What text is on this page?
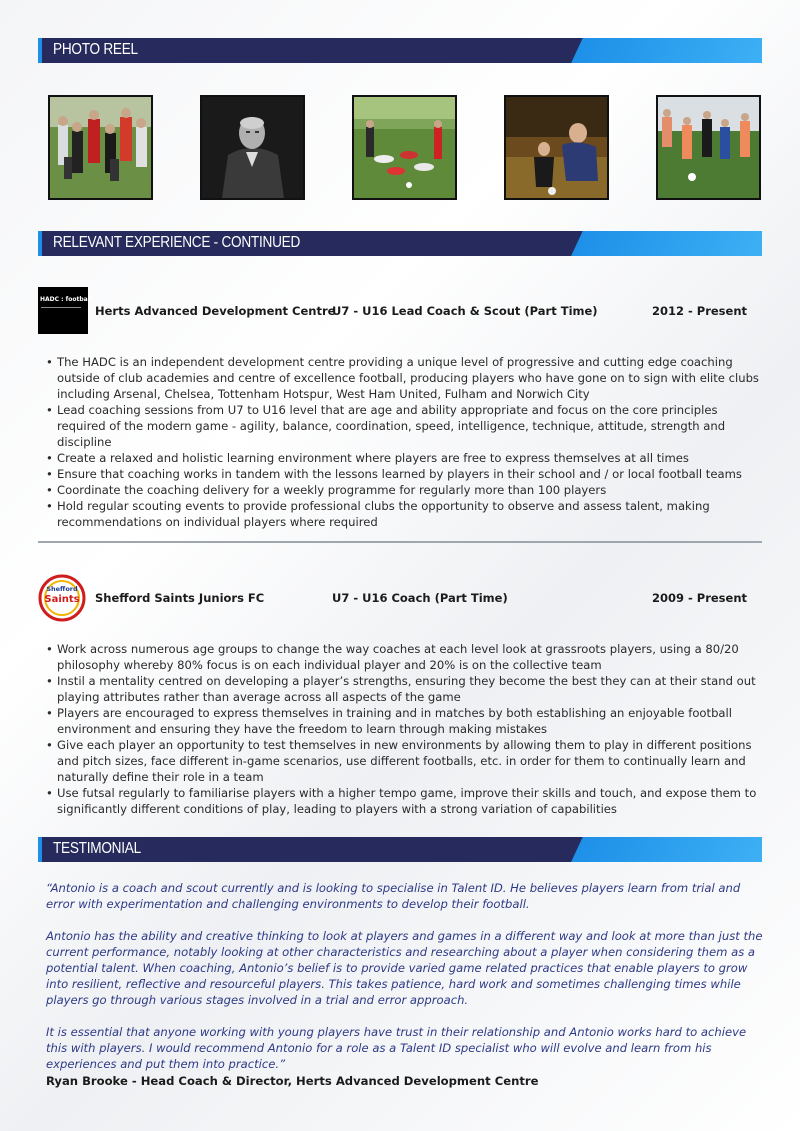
PHOTO REEL
RELEVANT EXPERIENCE - CONTINUED
HADC : football
Herts Advanced Development Centre
U7 - U16 Lead Coach & Scout (Part Time)	2012 - Present
• The HADC is an independent development centre providing a unique level of progressive and cutting edge coaching outside of club academies and centre of excellence football, producing players who have gone on to sign with elite clubs including Arsenal, Chelsea, Tottenham Hotspur, West Ham United, Fulham and Norwich City
• Lead coaching sessions from U7 to U16 level that are age and ability appropriate and focus on the core principles required of the modern game - agility, balance, coordination, speed, intelligence, technique, attitude, strength and discipline
• Create a relaxed and holistic learning environment where players are free to express themselves at all times
• Ensure that coaching works in tandem with the lessons learned by players in their school and / or local football teams
• Coordinate the coaching delivery for a weekly programme for regularly more than 100 players
• Hold regular scouting events to provide professional clubs the opportunity to observe and assess talent, making recommendations on individual players where required
Shefford
Saints	Shefford Saints Juniors FC	U7 - U16 Coach (Part Time)	2009 - Present
• Work across numerous age groups to change the way coaches at each level look at grassroots players, using a 80/20 philosophy whereby 80% focus is on each individual player and 20% is on the collective team
• Instil a mentality centred on developing a player’s strengths, ensuring they become the best they can at their stand out playing attributes rather than average across all aspects of the game
• Players are encouraged to express themselves in training and in matches by both establishing an enjoyable football environment and ensuring they have the freedom to learn through making mistakes
• Give each player an opportunity to test themselves in new environments by allowing them to play in different positions and pitch sizes, face different in-game scenarios, use different footballs, etc. in order for them to continually learn and naturally define their role in a team
• Use futsal regularly to familiarise players with a higher tempo game, improve their skills and touch, and expose them to significantly different conditions of play, leading to players with a strong variation of capabilities
TESTIMONIAL

“Antonio is a coach and scout currently and is looking to specialise in Talent ID. He believes players learn from trial and error with experimentation and challenging environments to develop their football.

Antonio has the ability and creative thinking to look at players and games in a different way and look at more than just the current performance, notably looking at other characteristics and researching about a player when considering them as a potential talent. When coaching, Antonio’s belief is to provide varied game related practices that enable players to grow into resilient, reflective and resourceful players. This takes patience, hard work and sometimes challenging times while players go through various stages involved in a trial and error approach.

It is essential that anyone working with young players have trust in their relationship and Antonio works hard to achieve this with players. I would recommend Antonio for a role as a Talent ID specialist who will evolve and learn from his experiences and put them into practice.”

Ryan Brooke - Head Coach & Director, Herts Advanced Development Centre
